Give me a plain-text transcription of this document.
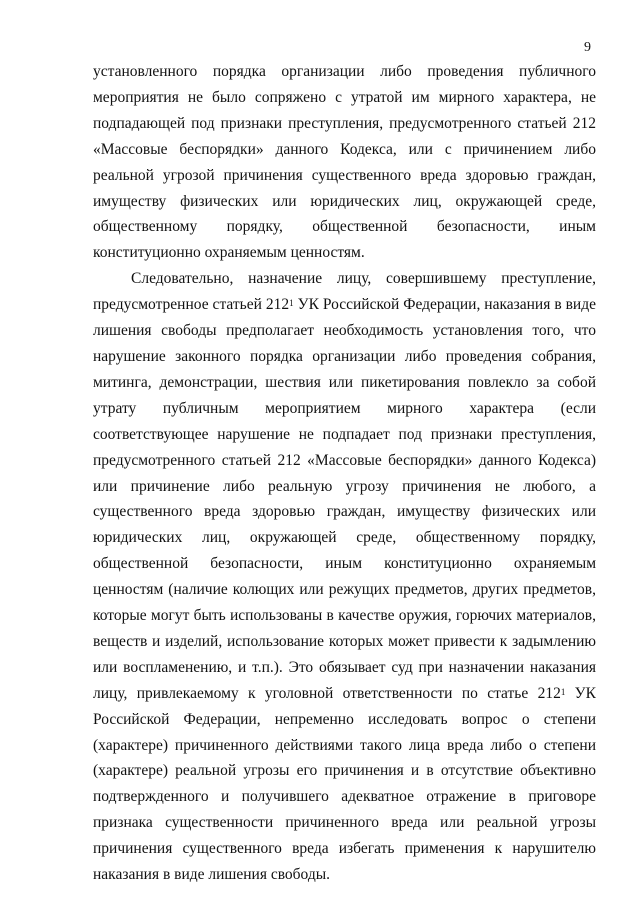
9

установленного порядка организации либо проведения публичного мероприятия не было сопряжено с утратой им мирного характера, не подпадающей под признаки преступления, предусмотренного статьей 212 «Массовые беспорядки» данного Кодекса, или с причинением либо реальной угрозой причинения существенного вреда здоровью граждан, имуществу физических или юридических лиц, окружающей среде, общественному порядку, общественной безопасности, иным конституционно охраняемым ценностям.

Следовательно, назначение лицу, совершившему преступление, предусмотренное статьей $212^1$ УК Российской Федерации, наказания в виде лишения свободы предполагает необходимость установления того, что нарушение законного порядка организации либо проведения собрания, митинга, демонстрации, шествия или пикетирования повлекло за собой утрату публичным мероприятием мирного характера (если соответствующее нарушение не подпадает под признаки преступления, предусмотренного статьей 212 «Массовые беспорядки» данного Кодекса) или причинение либо реальную угрозу причинения не любого, а существенного вреда здоровью граждан, имуществу физических или юридических лиц, окружающей среде, общественному порядку, общественной безопасности, иным конституционно охраняемым ценностям (наличие колющих или режущих предметов, других предметов, которые могут быть использованы в качестве оружия, горючих материалов, веществ и изделий, использование которых может привести к задымлению или воспламенению, и т.п.). Это обязывает суд при назначении наказания лицу, привлекаемому к уголовной ответственности по статье $212^1$ УК Российской Федерации, непременно исследовать вопрос о степени (характере) причиненного действиями такого лица вреда либо о степени (характере) реальной угрозы его причинения и в отсутствие объективно подтвержденного и получившего адекватное отражение в приговоре признака существенности причиненного вреда или реальной угрозы причинения существенного вреда избегать применения к нарушителю наказания в виде лишения свободы.
